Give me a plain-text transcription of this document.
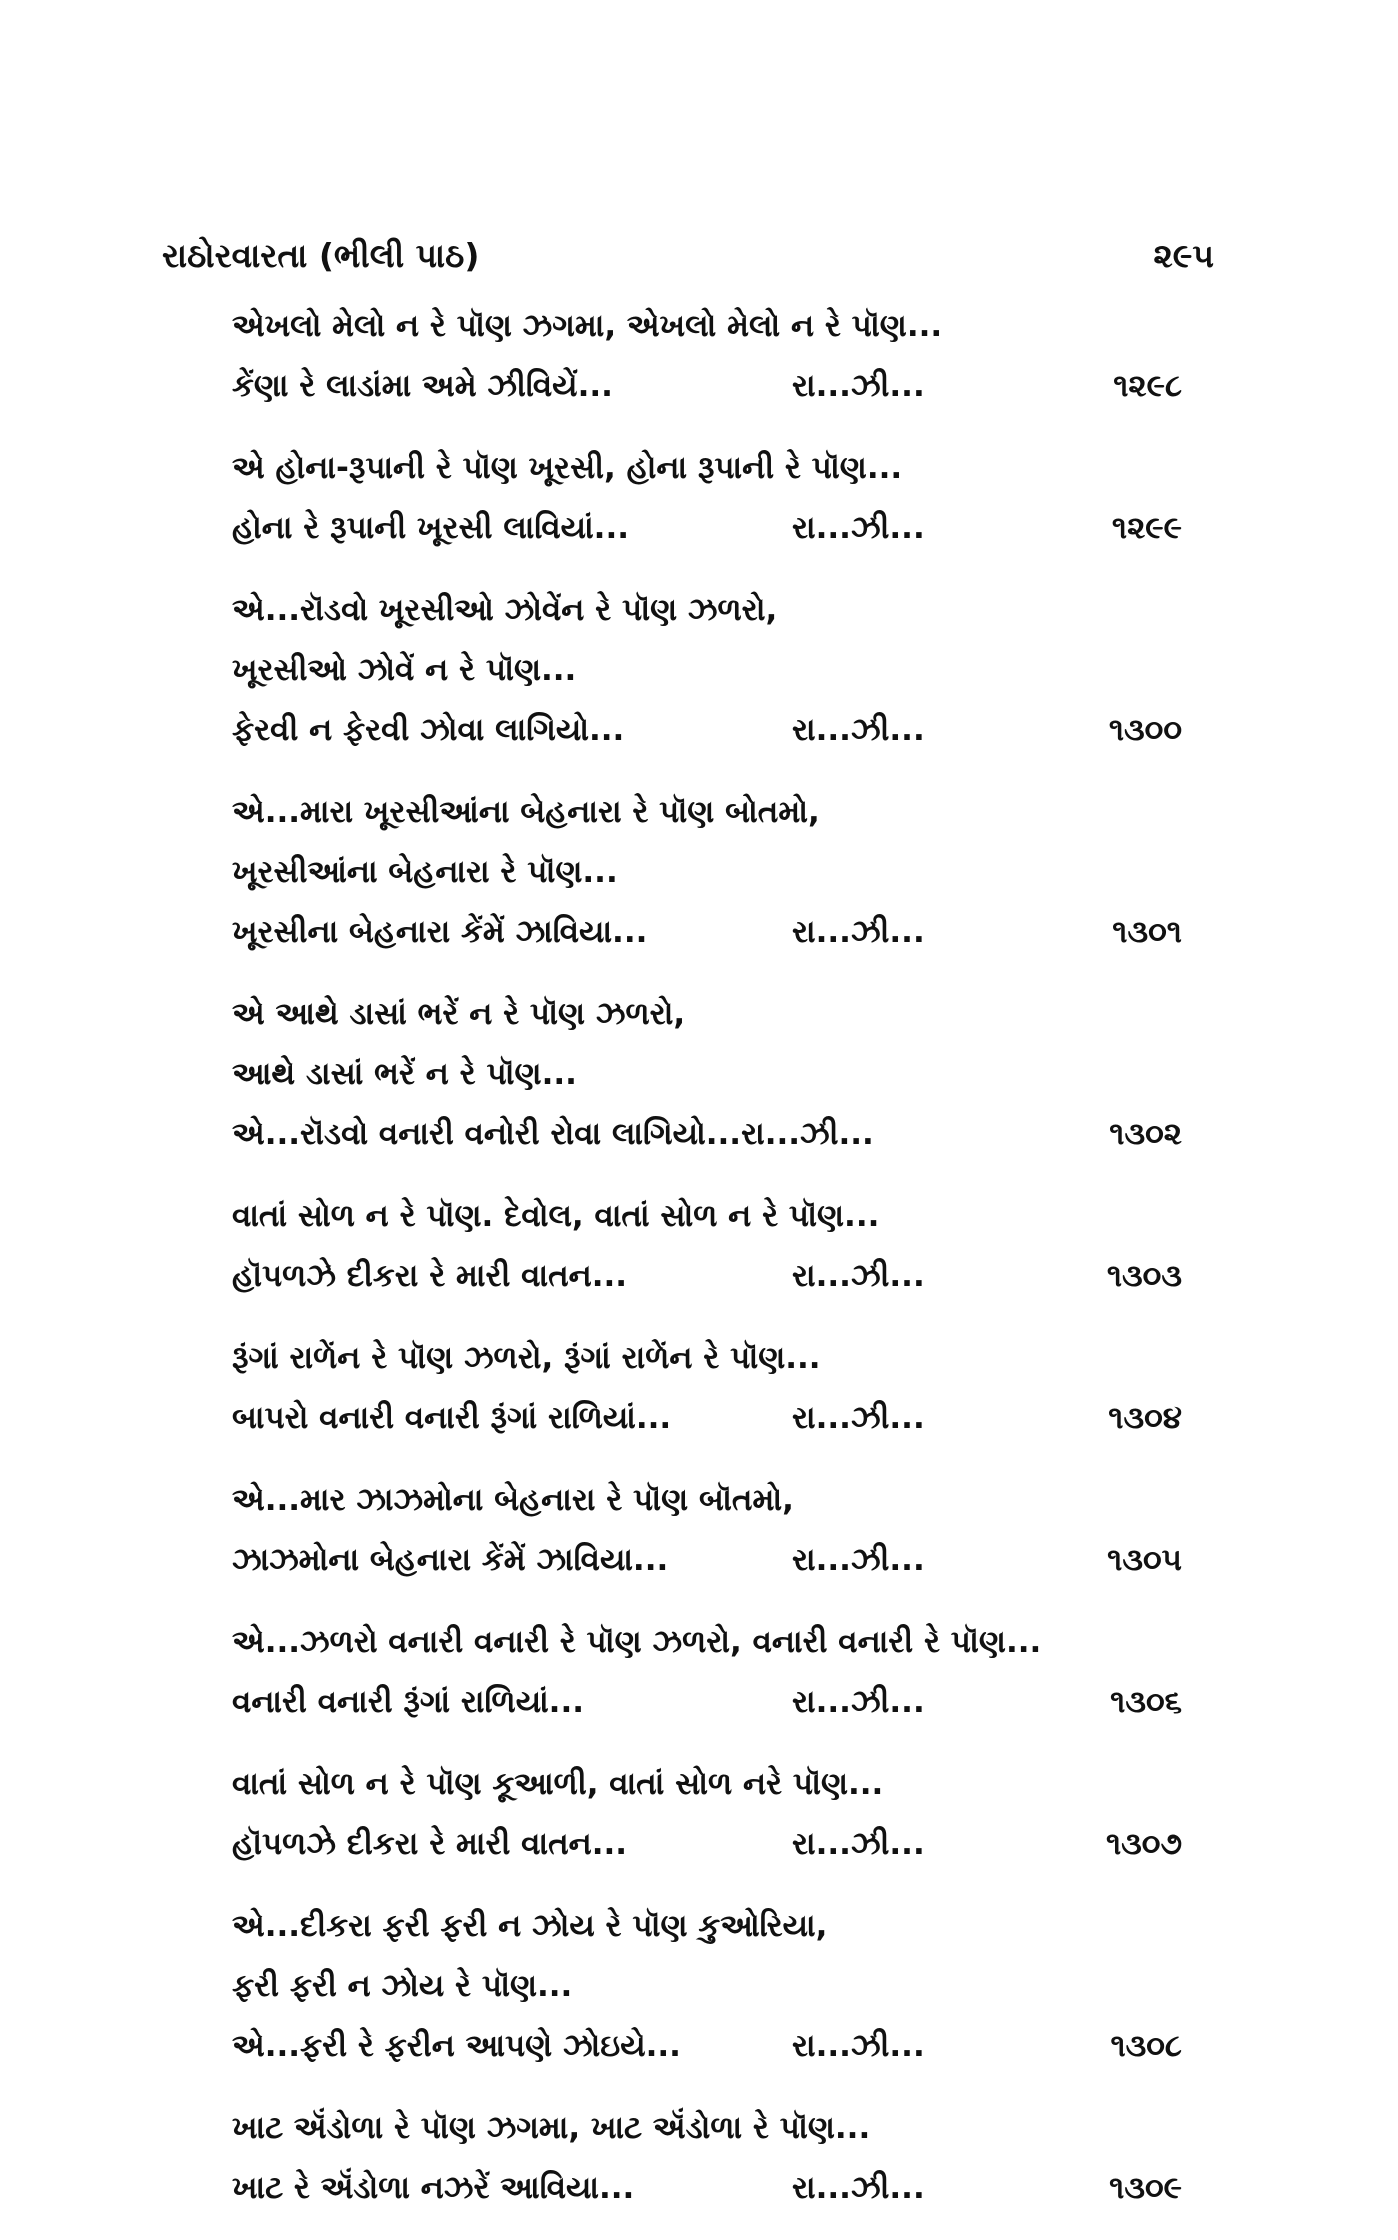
રાઠોરવારતા (ભીલી પાઠ)	૨૯૫
એખલો મેલો ન રે પૉણ ઝગમા, એખલો મેલો ન રે પૉણ...
કેંણા રે લાડાંમા અમે ઝીવિયેં...	રા...ઝી...	૧૨૯૮
એ હોના-રૂપાની રે પૉણ ખૂરસી, હોના રૂપાની રે પૉણ...
હોના રે રૂપાની ખૂરસી લાવિયાં...	રા...ઝી...	૧૨૯૯
એ...રૉડવો ખૂરસીઓ ઝોવેંન રે પૉણ ઝળરો,
ખૂરસીઓ ઝોવેં ન રે પૉણ...
ફેરવી ન ફેરવી ઝોવા લાગિયો...	રા...ઝી...	૧૩૦૦
એ...મારા ખૂરસીઆંના બેહનારા રે પૉણ બોતમો,
ખૂરસીઆંના બેહનારા રે પૉણ...
ખૂરસીના બેહનારા કેંમેં ઝાવિયા...	રા...ઝી...	૧૩૦૧
એ આથે ડાસાં ભરેં ન રે પૉણ ઝળરો,
આથે ડાસાં ભરેં ન રે પૉણ...
એ...રૉડવો વનારી વનોરી રોવા લાગિયો...રા...ઝી...	૧૩૦૨
વાતાં સોળ ન રે પૉણ. દેવોલ, વાતાં સોળ ન રે પૉણ...
હૉપળઝે દીકરા રે મારી વાતન...	રા...ઝી...	૧૩૦૩
રૂંગાં રાળેંન રે પૉણ ઝળરો, રૂંગાં રાળેંન રે પૉણ...
બાપરો વનારી વનારી રૂંગાં રાળિયાં...	રા...ઝી...	૧૩૦૪
એ...માર ઝાઝમોના બેહનારા રે પૉણ બૉતમો,
ઝાઝમોના બેહનારા કેંમેં ઝાવિયા...	રા...ઝી...	૧૩૦૫
એ...ઝળરો વનારી વનારી રે પૉણ ઝળરો, વનારી વનારી રે પૉણ...
વનારી વનારી રૂંગાં રાળિયાં...	રા...ઝી...	૧૩૦૬
વાતાં સોળ ન રે પૉણ કૂઆળી, વાતાં સોળ નરે પૉણ...
હૉપળઝે દીકરા રે મારી વાતન...	રા...ઝી...	૧૩૦૭
એ...દીકરા ફરી ફરી ન ઝોય રે પૉણ કુઓરિયા,
ફરી ફરી ન ઝોય રે પૉણ...
એ...ફરી રે ફરીન આપણે ઝોઇયે...	રા...ઝી...	૧૩૦૮
ખાટ ઍંડોળા રે પૉણ ઝગમા, ખાટ ઍંડોળા રે પૉણ...
ખાટ રે ઍંડોળા નઝરેં આવિયા...	રા...ઝી...	૧૩૦૯
